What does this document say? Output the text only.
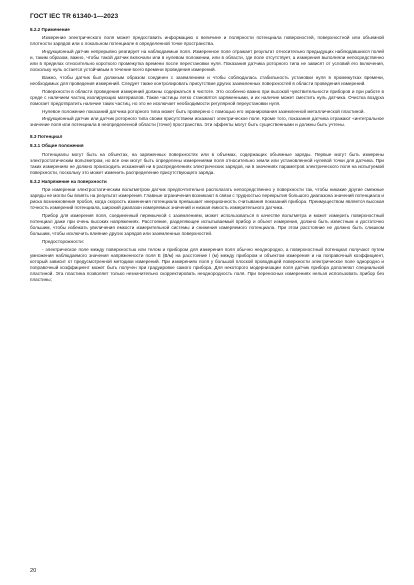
ГОСТ IEC TR 61340-1—2023

8.2.2 Применение

Измерение электрического поля может предоставить информацию о величине и полярности потенциала поверхностей, поверхностной или объемной плотности зарядов или о локальном потенциале в определенной точке пространства.

Индукционный датчик непрерывно реагирует на наблюдаемые поля. Измеренное поле отражает результат относительно предыдущих наблюдавшихся полей и, таким образом, важно, чтобы такой датчик включали или в нулевом положении, или в области, где поле отсутствует, а измерения выполняли непосредственно или в пределах относительно короткого промежутка времени после перестановки нуля. Показания датчика роторного типа не зависят от условий его включения, поскольку нуль остается устойчивым в течение всего времени проведения измерений.

Важно, чтобы датчик был должным образом соединен с заземлением и чтобы соблюдалась стабильность установки нуля в промежутках времени, необходимых для проведения измерений. Следует также контролировать присутствие других заземленных поверхностей в области проведения измерений.

Поверхности в области проведения измерений должны содержаться в чистоте. Это особенно важно при высокой чувствительности приборов и при работе в среде с наличием частиц изолирующих материалов. Такие частицы легко становятся заряженными, и их наличие может сместить нуль датчика. Очистка воздуха помогает предотвратить наличие таких частиц, но это не исключает необходимости регулярной переустановки нуля.

Нулевое положение показаний датчика роторного типа может быть проверено с помощью его экранирования заземленной металлической пластиной.

Индукционный датчик или датчик роторного типа своим присутствием искажают электрическое поле. Кроме того, показания датчика отражают «интегральное значение поля или потенциала в неопределенной области (точке) пространства. Эти эффекты могут быть существенными и должны быть учтены.

8.3 Потенциал

8.3.1 Общие положения

Потенциалы могут быть на объектах, на заряженных поверхностях или в объемах, содержащих объемные заряды. Первые могут быть измерены электростатическим вольтметром, но все они могут быть определены измерениями поля относительно земли или установленной нулевой точки для датчика. При таких измерениях не должно происходить искажений ни в распределениях электрических зарядов, ни в значениях параметров электрического поля на испытуемой поверхности, поскольку это может изменить распределение присутствующего заряда.

8.3.2 Напряжение на поверхности

При измерении электростатическим вольтметром датчик предпочтительно располагать непосредственно у поверхности так, чтобы никакие другие смежные заряды не могли бы влиять на результат измерения. Главные ограничения возникают в связи с трудностью перекрытия большого диапазона значений потенциала и риска возникновения пробоя, когда скорость изменения потенциала превышает инерционность считывания показаний прибора. Преимуществом является высокая точность измерений потенциала, широкий диапазон измеряемых значений и низкая емкость измерительного датчика.

Прибор для измерения поля, соединенный перемычкой с заземлением, может использоваться в качестве вольтметра и может измерить поверхностный потенциал даже при очень высоких напряжениях. Расстояние, разделяющее испытываемый прибор и объект измерения, должно быть известным и достаточно большим, чтобы избежать увеличения емкости измерительной системы и снижения измеряемого потенциала. При этом расстояние не должно быть слишком большим, чтобы исключить влияние других зарядов или заземленных поверхностей.

Предосторожности:

- электрическое поле между поверхностью или телом и прибором для измерения поля обычно неоднородно, а поверхностный потенциал получают путем умножения наблюдаемого значения напряженности поля E (В/м) на расстояние l (м) между прибором и объектом измерения и на поправочный коэффициент, который зависит от предусмотренной методики измерений. При измерениях поля у большой плоской проводящей поверхности электрическое поле однородно и поправочный коэффициент может быть получен при градуировке самого прибора. Для некоторого модернизации поля датчик прибора дополняют специальной пластиной. Эта пластина позволяет только незначительно скорректировать неоднородность поля. При переносных измерениях нельзя использовать прибор без пластины;

20
